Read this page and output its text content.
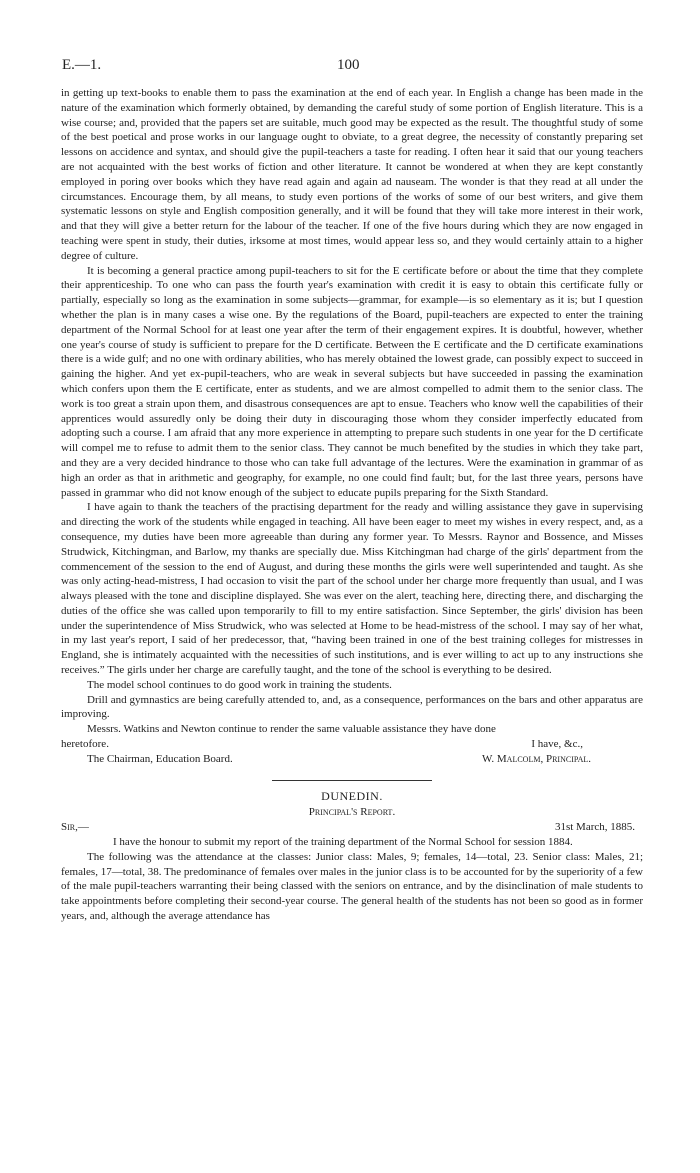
E.—1.	100

in getting up text-books to enable them to pass the examination at the end of each year. In English a change has been made in the nature of the examination which formerly obtained, by demanding the careful study of some portion of English literature. This is a wise course; and, provided that the papers set are suitable, much good may be expected as the result. The thoughtful study of some of the best poetical and prose works in our language ought to obviate, to a great degree, the necessity of constantly preparing set lessons on accidence and syntax, and should give the pupil-teachers a taste for reading. I often hear it said that our young teachers are not acquainted with the best works of fiction and other literature. It cannot be wondered at when they are kept constantly employed in poring over books which they have read again and again ad nauseam. The wonder is that they read at all under the circumstances. Encourage them, by all means, to study even portions of the works of some of our best writers, and give them systematic lessons on style and English composition generally, and it will be found that they will take more interest in their work, and that they will give a better return for the labour of the teacher. If one of the five hours during which they are now engaged in teaching were spent in study, their duties, irksome at most times, would appear less so, and they would certainly attain to a higher degree of culture.

It is becoming a general practice among pupil-teachers to sit for the E certificate before or about the time that they complete their apprenticeship. To one who can pass the fourth year's examination with credit it is easy to obtain this certificate fully or partially, especially so long as the examination in some subjects—grammar, for example—is so elementary as it is; but I question whether the plan is in many cases a wise one. By the regulations of the Board, pupil-teachers are expected to enter the training department of the Normal School for at least one year after the term of their engagement expires. It is doubtful, however, whether one year's course of study is sufficient to prepare for the D certificate. Between the E certificate and the D certificate examinations there is a wide gulf; and no one with ordinary abilities, who has merely obtained the lowest grade, can possibly expect to succeed in gaining the higher. And yet ex-pupil-teachers, who are weak in several subjects but have succeeded in passing the examination which confers upon them the E certificate, enter as students, and we are almost compelled to admit them to the senior class. The work is too great a strain upon them, and disastrous consequences are apt to ensue. Teachers who know well the capabilities of their apprentices would assuredly only be doing their duty in discouraging those whom they consider imperfectly educated from adopting such a course. I am afraid that any more experience in attempting to prepare such students in one year for the D certificate will compel me to refuse to admit them to the senior class. They cannot be much benefited by the studies in which they take part, and they are a very decided hindrance to those who can take full advantage of the lectures. Were the examination in grammar of as high an order as that in arithmetic and geography, for example, no one could find fault; but, for the last three years, persons have passed in grammar who did not know enough of the subject to educate pupils preparing for the Sixth Standard.

I have again to thank the teachers of the practising department for the ready and willing assistance they gave in supervising and directing the work of the students while engaged in teaching. All have been eager to meet my wishes in every respect, and, as a consequence, my duties have been more agreeable than during any former year. To Messrs. Raynor and Bossence, and Misses Strudwick, Kitchingman, and Barlow, my thanks are specially due. Miss Kitchingman had charge of the girls' department from the commencement of the session to the end of August, and during these months the girls were well superintended and taught. As she was only acting-head-mistress, I had occasion to visit the part of the school under her charge more frequently than usual, and I was always pleased with the tone and discipline displayed. She was ever on the alert, teaching here, directing there, and discharging the duties of the office she was called upon temporarily to fill to my entire satisfaction. Since September, the girls' division has been under the superintendence of Miss Strudwick, who was selected at Home to be head-mistress of the school. I may say of her what, in my last year's report, I said of her predecessor, that, “having been trained in one of the best training colleges for mistresses in England, she is intimately acquainted with the necessities of such institutions, and is ever willing to act up to any instructions she receives.” The girls under her charge are carefully taught, and the tone of the school is everything to be desired.

The model school continues to do good work in training the students.

Drill and gymnastics are being carefully attended to, and, as a consequence, performances on the bars and other apparatus are improving.

Messrs. Watkins and Newton continue to render the same valuable assistance they have done

heretofore.	I have, &c.,
The Chairman, Education Board.	W. Malcolm, Principal.
DUNEDIN.
Principal's Report.
Sir,—	31st March, 1885.

I have the honour to submit my report of the training department of the Normal School for session 1884.

The following was the attendance at the classes: Junior class: Males, 9; females, 14—total, 23. Senior class: Males, 21; females, 17—total, 38. The predominance of females over males in the junior class is to be accounted for by the superiority of a few of the male pupil-teachers warranting their being classed with the seniors on entrance, and by the disinclination of male students to take appointments before completing their second-year course. The general health of the students has not been so good as in former years, and, although the average attendance has
